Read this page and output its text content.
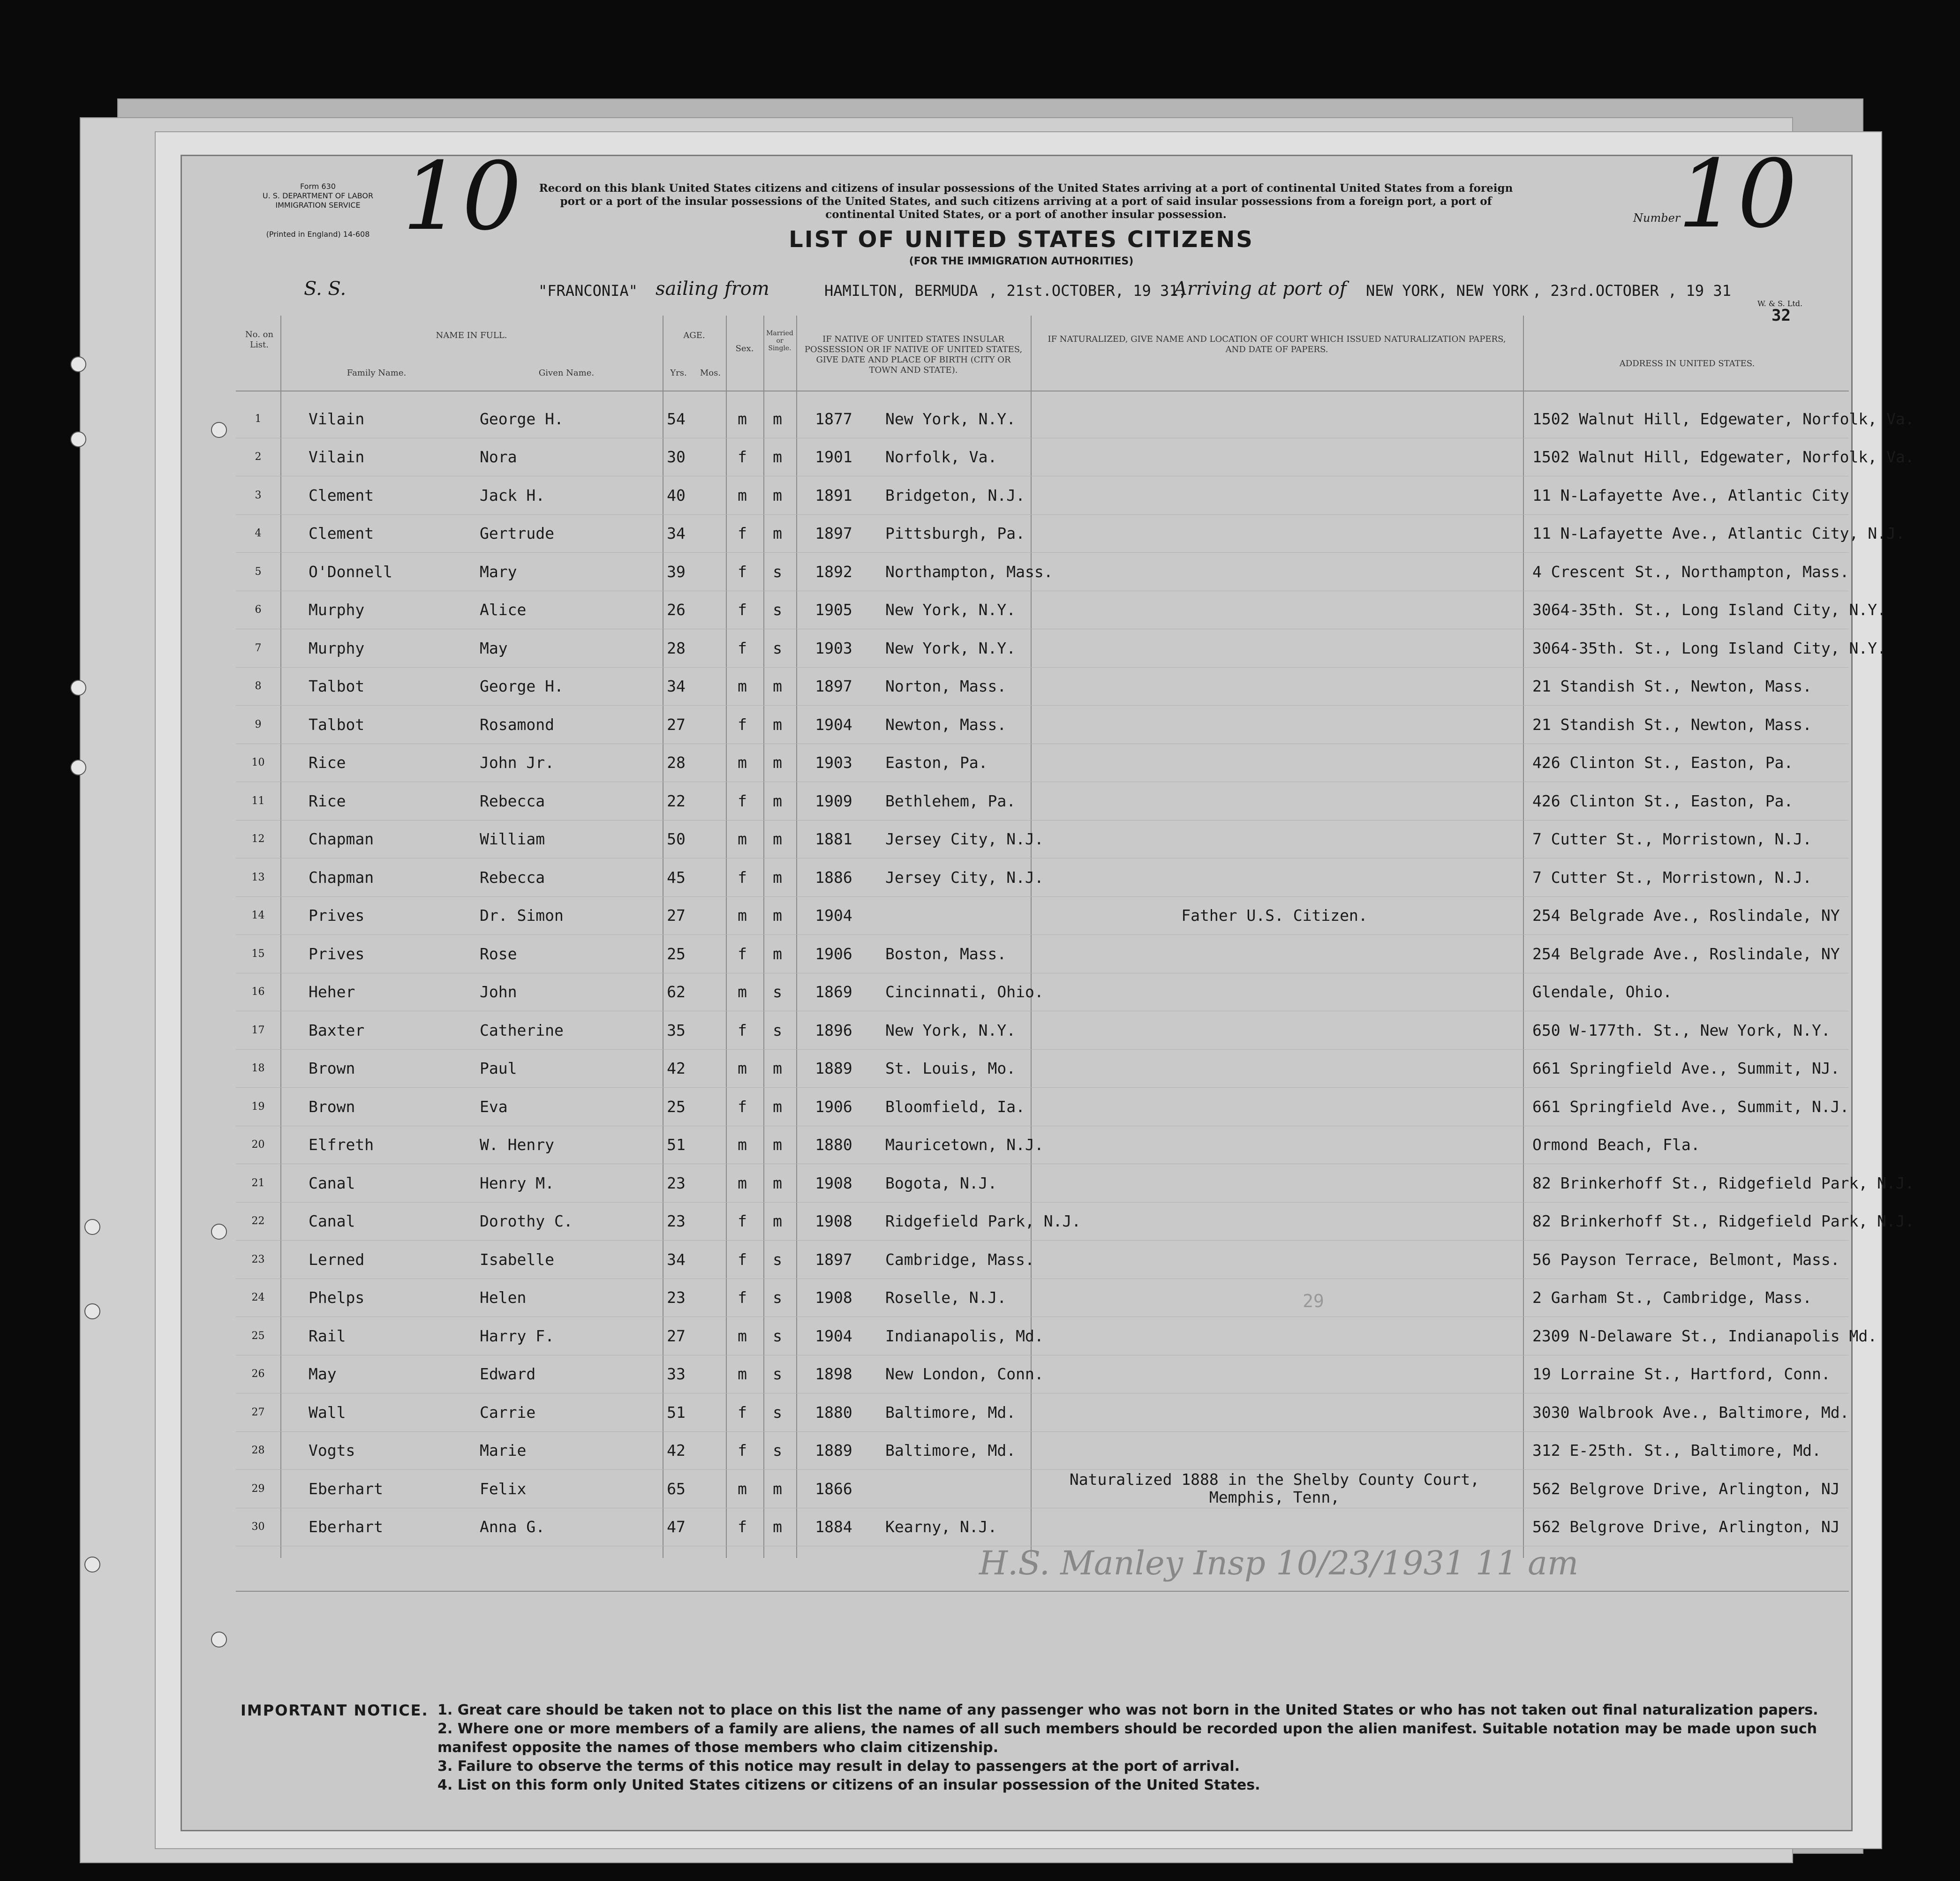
Form 630
U. S. DEPARTMENT OF LABOR
IMMIGRATION SERVICE
(Printed in England) 14-608 10 Record on this blank United States citizens and citizens of insular possessions of the United States arriving at a port of continental United States from a foreign port or a port of the insular possessions of the United States, and such citizens arriving at a port of said insular possessions from a foreign port, a port of continental United States, or a port of another insular possession.
LIST OF UNITED STATES CITIZENS
(FOR THE IMMIGRATION AUTHORITIES)
Number
10
S. S.	"FRANCONIA" sailing from	HAMILTON, BERMUDA , 21st.OCTOBER, 19 31,
Arriving at port of NEW YORK, NEW YORK , 23rd.OCTOBER , 19 31
W. & S. Ltd.
32
No. on List.
NAME IN FULL.
Family Name.	Given Name.
AGE.
Yrs.	Mos.
Sex.
Married or Single.
IF NATIVE OF UNITED STATES INSULAR POSSESSION OR IF NATIVE OF UNITED STATES, GIVE DATE AND PLACE OF BIRTH (CITY OR TOWN AND STATE).
IF NATURALIZED, GIVE NAME AND LOCATION OF COURT WHICH ISSUED NATURALIZATION PAPERS, AND DATE OF PAPERS.
ADDRESS IN UNITED STATES.
1	Vilain	George H.	54		m	m	1877	New York, N.Y.		1502 Walnut Hill, Edgewater, Norfolk, Va.
2	Vilain	Nora	30		f	m	1901	Norfolk, Va.		1502 Walnut Hill, Edgewater, Norfolk, Va.
3	Clement	Jack H.	40		m	m	1891	Bridgeton, N.J.		11 N-Lafayette Ave., Atlantic City
4	Clement	Gertrude	34		f	m	1897	Pittsburgh, Pa.		11 N-Lafayette Ave., Atlantic City, N.J.
5	O'Donnell	Mary	39		f	s	1892	Northampton, Mass.		4 Crescent St., Northampton, Mass.
6	Murphy	Alice	26		f	s	1905	New York, N.Y.		3064-35th. St., Long Island City, N.Y.
7	Murphy	May	28		f	s	1903	New York, N.Y.		3064-35th. St., Long Island City, N.Y.
8	Talbot	George H.	34		m	m	1897	Norton, Mass.		21 Standish St., Newton, Mass.
9	Talbot	Rosamond	27		f	m	1904	Newton, Mass.		21 Standish St., Newton, Mass.
10	Rice	John Jr.	28		m	m	1903	Easton, Pa.		426 Clinton St., Easton, Pa.
11	Rice	Rebecca	22		f	m	1909	Bethlehem, Pa.		426 Clinton St., Easton, Pa.
12	Chapman	William	50		m	m	1881	Jersey City, N.J.		7 Cutter St., Morristown, N.J.
13	Chapman	Rebecca	45		f	m	1886	Jersey City, N.J.		7 Cutter St., Morristown, N.J.
14	Prives	Dr. Simon	27		m	m	1904		Father U.S. Citizen.	254 Belgrade Ave., Roslindale, NY
15	Prives	Rose	25		f	m	1906	Boston, Mass.		254 Belgrade Ave., Roslindale, NY
16	Heher	John	62		m	s	1869	Cincinnati, Ohio.		Glendale, Ohio.
17	Baxter	Catherine	35		f	s	1896	New York, N.Y.		650 W-177th. St., New York, N.Y.
18	Brown	Paul	42		m	m	1889	St. Louis, Mo.		661 Springfield Ave., Summit, NJ.
19	Brown	Eva	25		f	m	1906	Bloomfield, Ia.		661 Springfield Ave., Summit, N.J.
20	Elfreth	W. Henry	51		m	m	1880	Mauricetown, N.J.		Ormond Beach, Fla.
21	Canal	Henry M.	23		m	m	1908	Bogota, N.J.		82 Brinkerhoff St., Ridgefield Park, N.J.
22	Canal	Dorothy C.	23		f	m	1908	Ridgefield Park, N.J.		82 Brinkerhoff St., Ridgefield Park, N.J.
23	Lerned	Isabelle	34		f	s	1897	Cambridge, Mass.		56 Payson Terrace, Belmont, Mass.
24	Phelps	Helen	23		f	s	1908	Roselle, N.J.		2 Garham St., Cambridge, Mass.
25	Rail	Harry F.	27		m	s	1904	Indianapolis, Md.		2309 N-Delaware St., Indianapolis Md.
26	May	Edward	33		m	s	1898	New London, Conn.		19 Lorraine St., Hartford, Conn.
27	Wall	Carrie	51		f	s	1880	Baltimore, Md.		3030 Walbrook Ave., Baltimore, Md.
28	Vogts	Marie	42		f	s	1889	Baltimore, Md.		312 E-25th. St., Baltimore, Md.
29	Eberhart	Felix	65		m	m	1866		Naturalized 1888 in the Shelby County Court, Memphis, Tenn,	562 Belgrove Drive, Arlington, NJ
30	Eberhart	Anna G.	47		f	m	1884	Kearny, N.J.		562 Belgrove Drive, Arlington, NJ
29
H.S. Manley Insp 10/23/1931 11 am
IMPORTANT NOTICE. 1. Great care should be taken not to place on this list the name of any passenger who was not born in the United States or who has not taken out final naturalization papers.
2. Where one or more members of a family are aliens, the names of all such members should be recorded upon the alien manifest. Suitable notation may be made upon such manifest opposite the names of those members who claim citizenship.
3. Failure to observe the terms of this notice may result in delay to passengers at the port of arrival.
4. List on this form only United States citizens or citizens of an insular possession of the United States.
